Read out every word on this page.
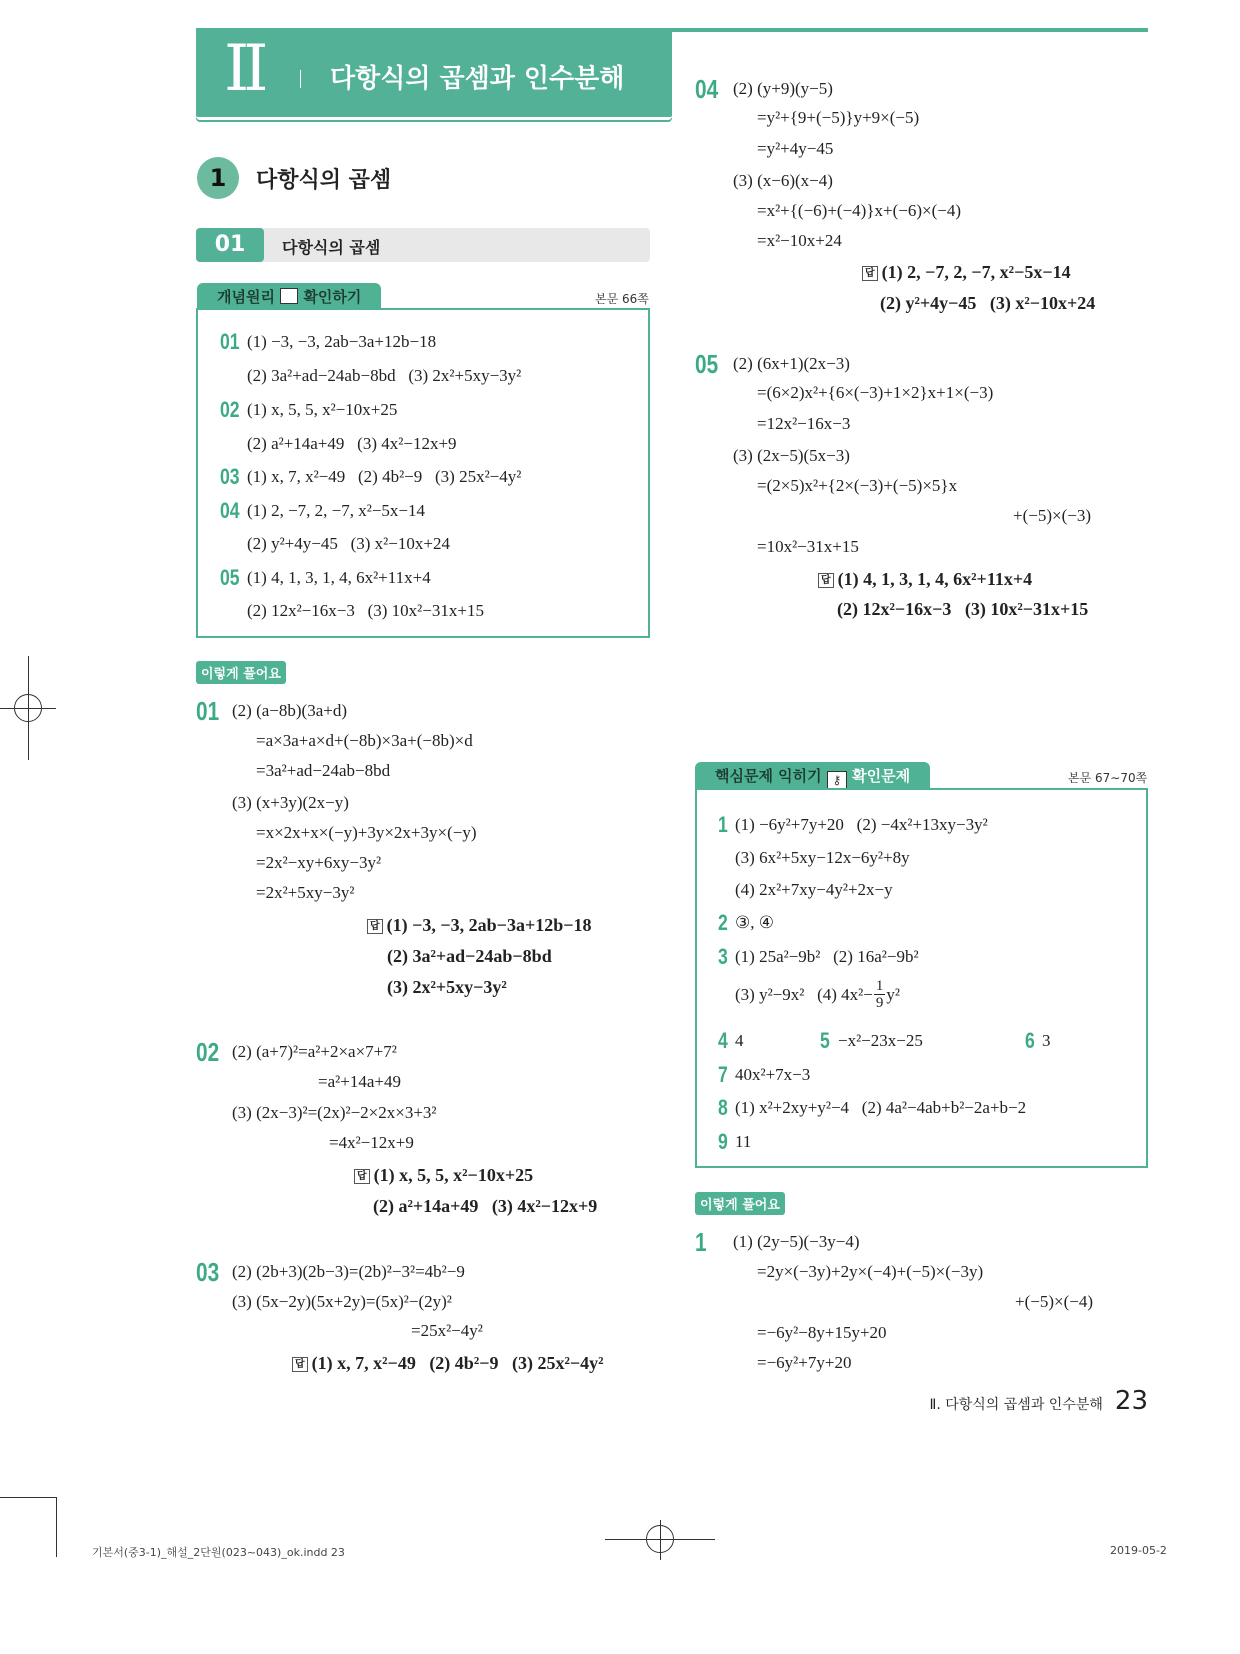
II	다항식의 곱셈과 인수분해
1	다항식의 곱셈
01	다항식의 곱셈
개념원리 확인하기	본문 66쪽
01 (1) −3, −3, 2ab−3a+12b−18
(2) 3a²+ad−24ab−8bd   (3) 2x²+5xy−3y²
02 (1) x, 5, 5, x²−10x+25
(2) a²+14a+49   (3) 4x²−12x+9
03 (1) x, 7, x²−49   (2) 4b²−9   (3) 25x²−4y²
04 (1) 2, −7, 2, −7, x²−5x−14
(2) y²+4y−45   (3) x²−10x+24
05 (1) 4, 1, 3, 1, 4, 6x²+11x+4
(2) 12x²−16x−3   (3) 10x²−31x+15
이렇게 풀어요
01 (2) (a−8b)(3a+d)
=a×3a+a×d+(−8b)×3a+(−8b)×d
=3a²+ad−24ab−8bd
(3) (x+3y)(2x−y)
=x×2x+x×(−y)+3y×2x+3y×(−y)
=2x²−xy+6xy−3y²
=2x²+5xy−3y²
답 (1) −3, −3, 2ab−3a+12b−18
(2) 3a²+ad−24ab−8bd
(3) 2x²+5xy−3y²
02 (2) (a+7)²=a²+2×a×7+7²
=a²+14a+49
(3) (2x−3)²=(2x)²−2×2x×3+3²
=4x²−12x+9
답 (1) x, 5, 5, x²−10x+25
(2) a²+14a+49   (3) 4x²−12x+9
03 (2) (2b+3)(2b−3)=(2b)²−3²=4b²−9
(3) (5x−2y)(5x+2y)=(5x)²−(2y)²
=25x²−4y²
답 (1) x, 7, x²−49   (2) 4b²−9   (3) 25x²−4y²
04 (2) (y+9)(y−5)
=y²+{9+(−5)}y+9×(−5)
=y²+4y−45
(3) (x−6)(x−4)
=x²+{(−6)+(−4)}x+(−6)×(−4)
=x²−10x+24
답 (1) 2, −7, 2, −7, x²−5x−14
(2) y²+4y−45   (3) x²−10x+24
05 (2) (6x+1)(2x−3)
=(6×2)x²+{6×(−3)+1×2}x+1×(−3)
=12x²−16x−3
(3) (2x−5)(5x−3)
=(2×5)x²+{2×(−3)+(−5)×5}x
+(−5)×(−3)
=10x²−31x+15
답 (1) 4, 1, 3, 1, 4, 6x²+11x+4
(2) 12x²−16x−3   (3) 10x²−31x+15
핵심문제 익히기 ⚷ 확인문제	본문 67∼70쪽
1 (1) −6y²+7y+20   (2) −4x²+13xy−3y²
(3) 6x²+5xy−12x−6y²+8y
(4) 2x²+7xy−4y²+2x−y
2 ③, ④
3 (1) 25a²−9b²   (2) 16a²−9b²
(3) y²−9x²   (4) $4x^2- \frac{1}{9} y^2$
4 4	5 −x²−23x−25	6 3
7 40x²+7x−3
8 (1) x²+2xy+y²−4   (2) 4a²−4ab+b²−2a+b−2
9 11
이렇게 풀어요
1 (1) (2y−5)(−3y−4)
=2y×(−3y)+2y×(−4)+(−5)×(−3y)
+(−5)×(−4)
=−6y²−8y+15y+20
=−6y²+7y+20
Ⅱ. 다항식의 곱셈과 인수분해 23
기본서(중3-1)_해설_2단원(023~043)_ok.indd 23	2019-05-2
